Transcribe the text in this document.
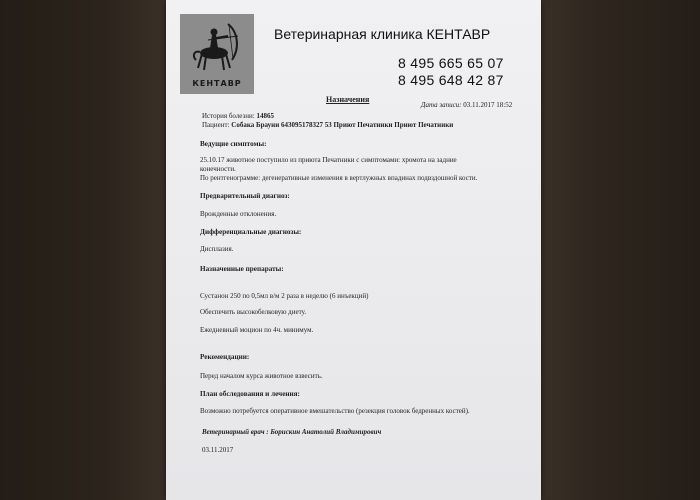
КЕНТАВР
Ветеринарная клиника КЕНТАВР
8 495 665 65 07
8 495 648 42 87
Назначения
Дата записи: 03.11.2017 18:52
История болезни: 14865
Пациент: Собака Брауни 643095178327 53 Приют Печатники Приют Печатники
Ведущие симптомы:
25.10.17 животное поступило из приюта Печатники с симптомами: хромота на задние
конечности.
По рентгенограмме: дегенеративные изменения в вертлужных впадинах подвздошной кости.
Предварительный диагноз:
Врожденные отклонения.
Дифференциальные диагнозы:
Дисплазия.
Назначенные препараты:
Сустанон 250 по 0,5мл в/м 2 раза в неделю (6 инъекций)
Обеспечить высокобелковую диету.
Ежедневный моцион по 4ч. минимум.
Рекомендации:
Перед началом курса животное взвесить.
План обследования и лечения:
Возможно потребуется оперативное вмешательство (резекция головок бедренных костей).
Ветеринарный врач : Борискин Анатолий Владимирович
03.11.2017
